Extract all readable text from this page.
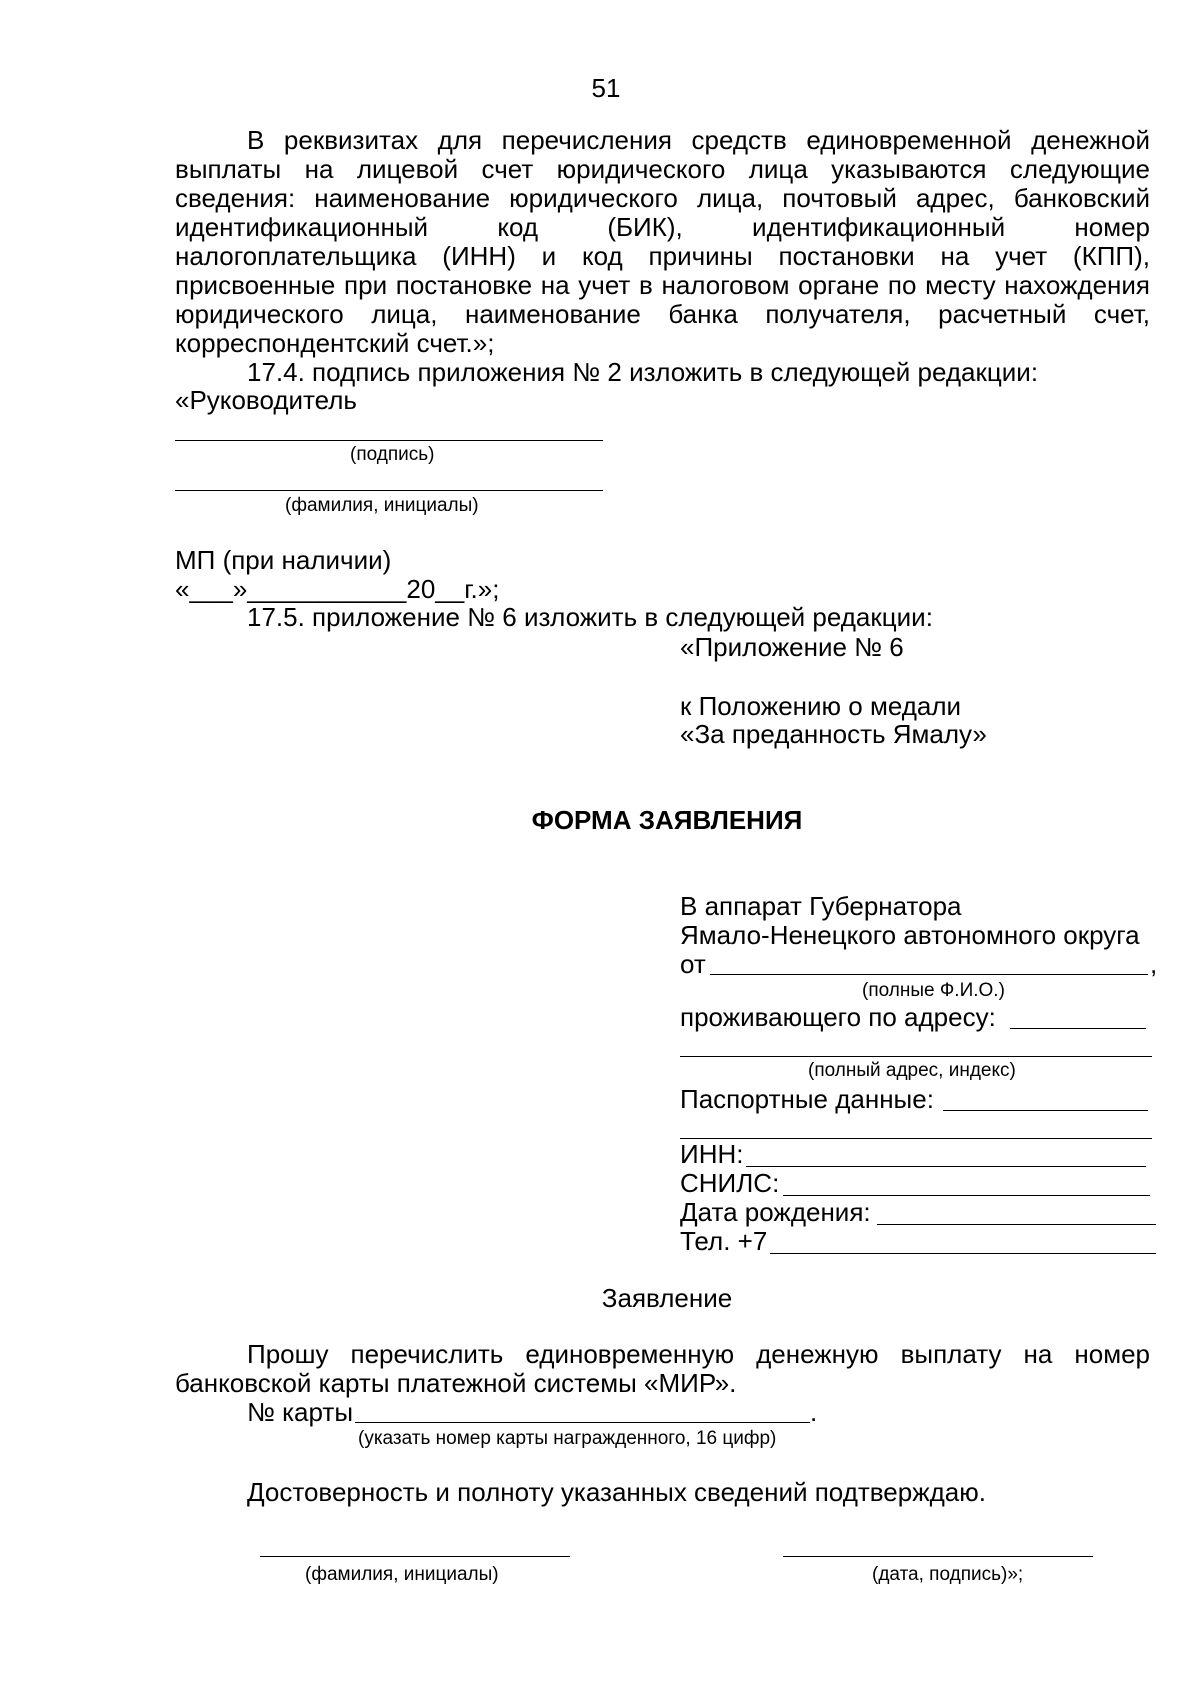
51
В реквизитах для перечисления средств единовременной денежной
выплаты на лицевой счет юридического лица указываются следующие
сведения: наименование юридического лица, почтовый адрес, банковский
идентификационный код (БИК), идентификационный номер
налогоплательщика (ИНН) и код причины постановки на учет (КПП),
присвоенные при постановке на учет в налоговом органе по месту нахождения
юридического лица, наименование банка получателя, расчетный счет,
корреспондентский счет.»;
17.4. подпись приложения № 2 изложить в следующей редакции:
«Руководитель
(подпись)
(фамилия, инициалы)
МП (при наличии)
«___»___________20__г.»;
17.5. приложение № 6 изложить в следующей редакции:
«Приложение № 6
к Положению о медали
«За преданность Ямалу»
ФОРМА ЗАЯВЛЕНИЯ
В аппарат Губернатора
Ямало-Ненецкого автономного округа
от	,
(полные Ф.И.О.)
проживающего по адресу:
(полный адрес, индекс)
Паспортные данные:
ИНН:
СНИЛС:
Дата рождения:
Тел. +7
Заявление
Прошу перечислить единовременную денежную выплату на номер
банковской карты платежной системы «МИР».
№ карты	.
(указать номер карты награжденного, 16 цифр)
Достоверность и полноту указанных сведений подтверждаю.
(фамилия, инициалы)	(дата, подпись)»;
